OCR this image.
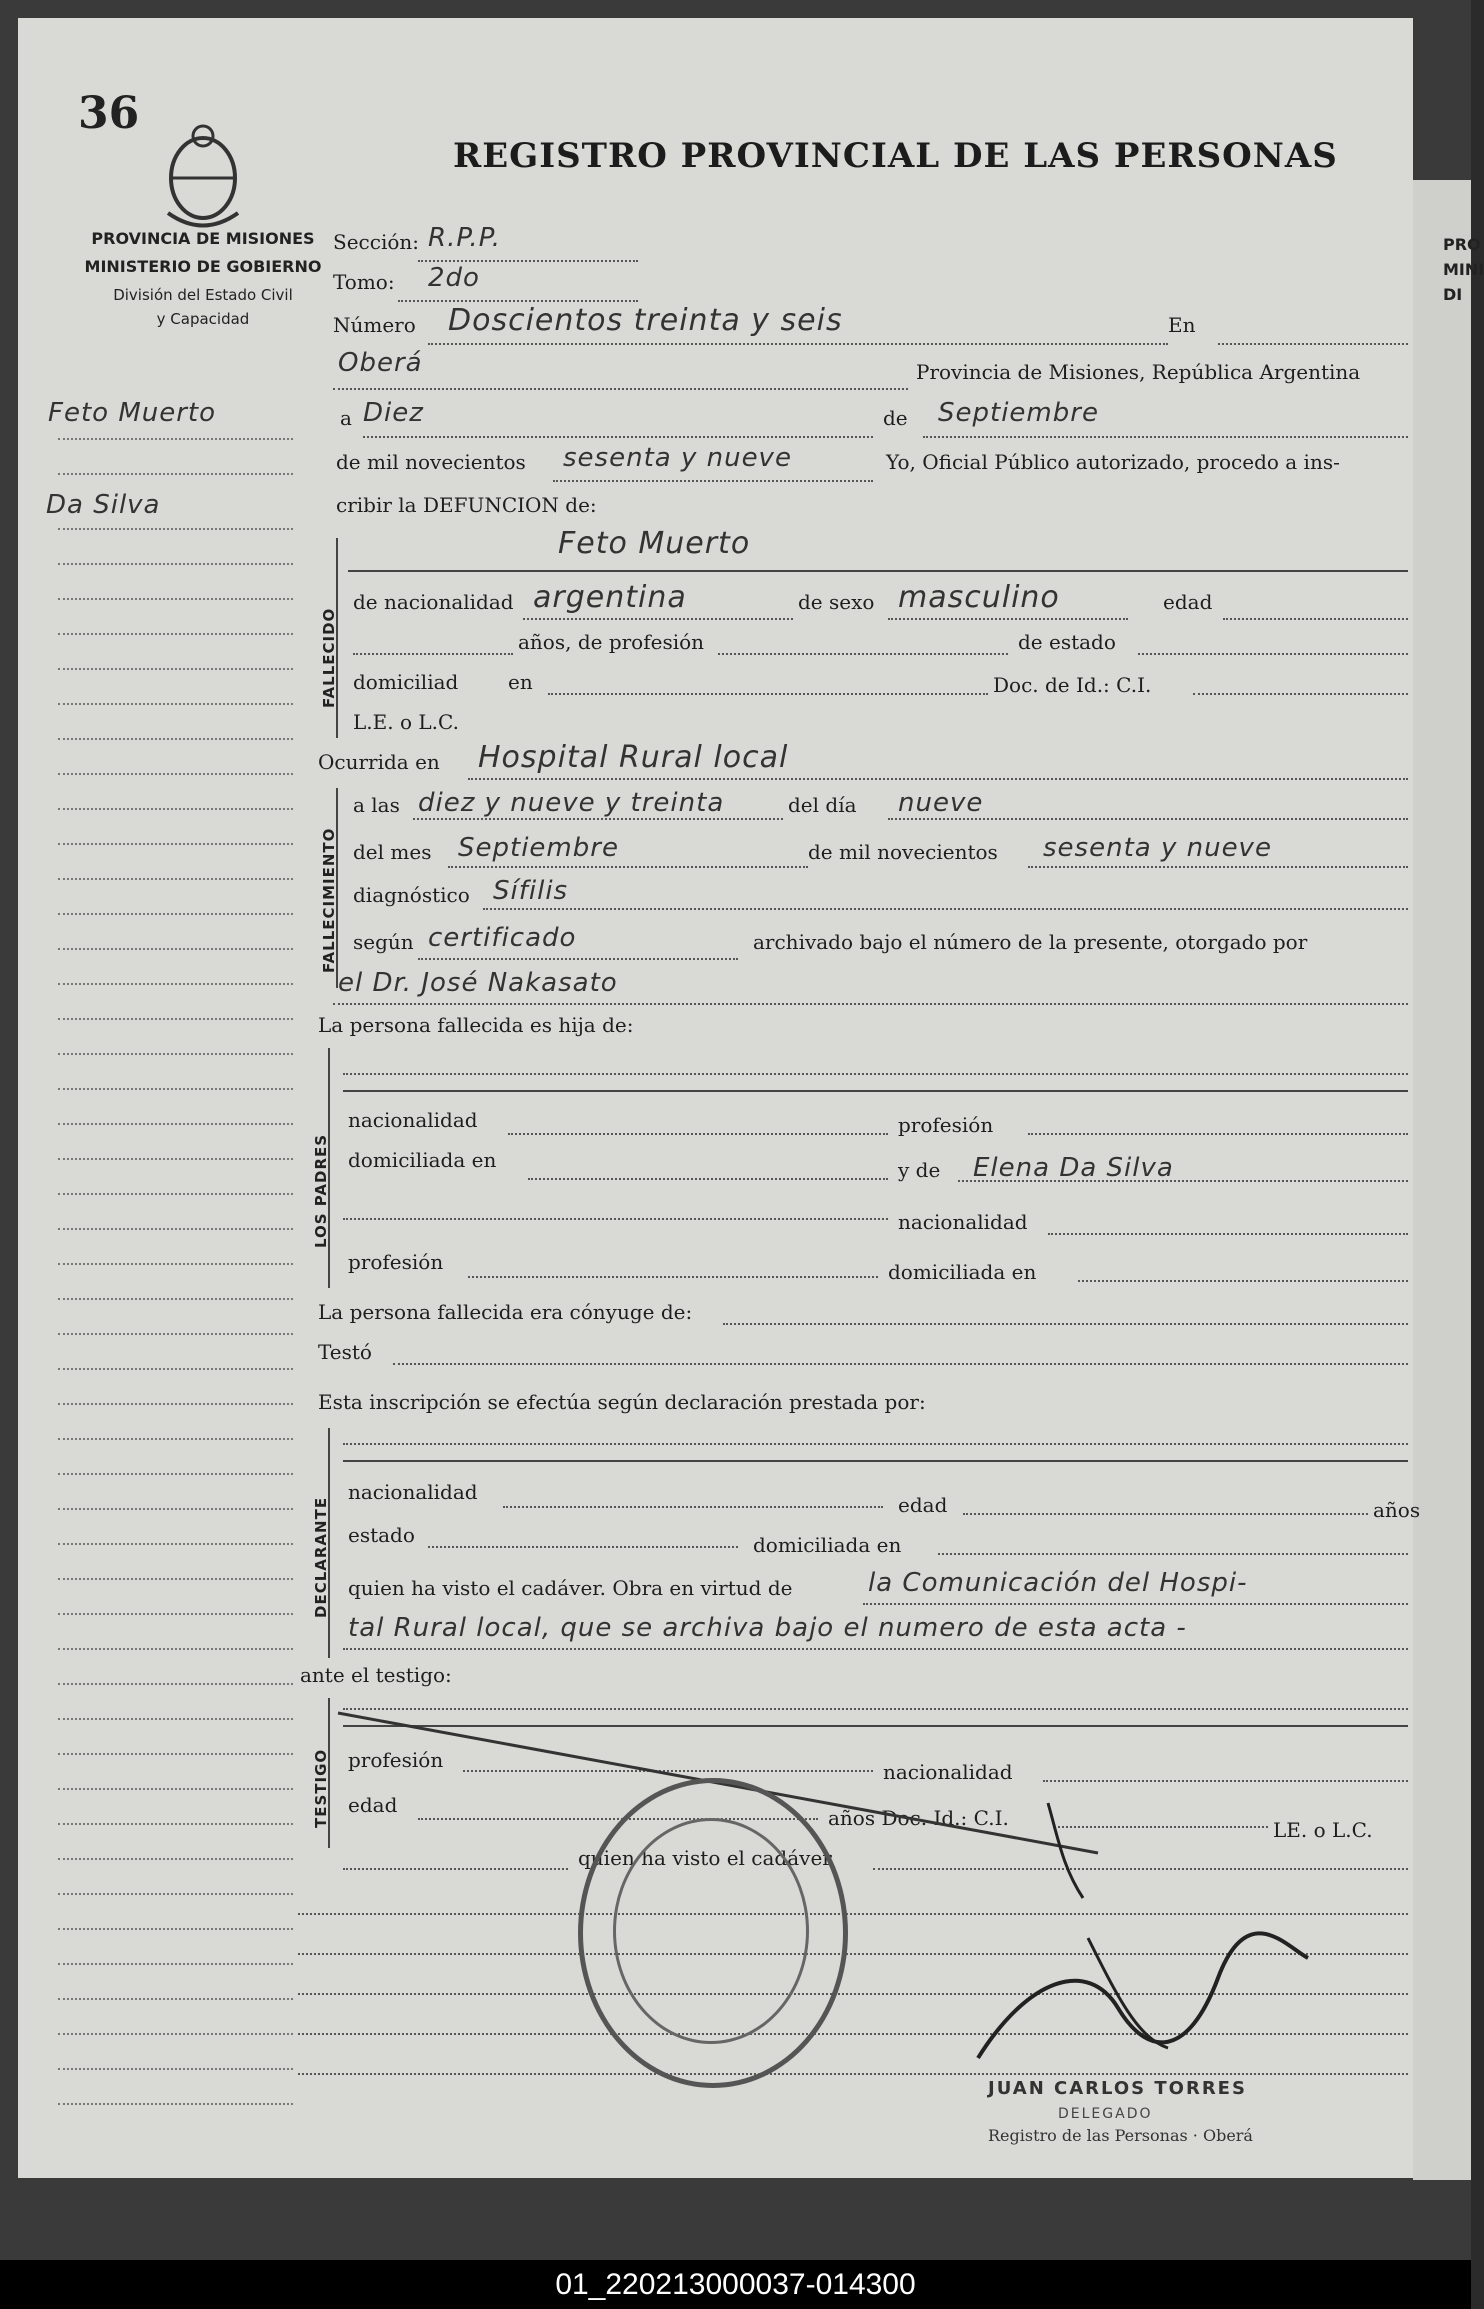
PRO
MINI
DI
36
REGISTRO PROVINCIAL DE LAS PERSONAS
PROVINCIA DE MISIONES
MINISTERIO DE GOBIERNO
División del Estado Civil
y Capacidad
Feto Muerto
Da Silva
Sección: R.P.P.
Tomo: 2do
Número Doscientos treinta y seis	En
Oberá	Provincia de Misiones, República Argentina
a Diez	de Septiembre
de mil novecientos sesenta y nueve	Yo, Oficial Público autorizado, procedo a ins-
cribir la DEFUNCION de:
FALLECIDO
Feto Muerto
de nacionalidad argentina	de sexo masculino	edad
años, de profesión	de estado
domiciliad en	Doc. de Id.: C.I.
L.E. o L.C.
Ocurrida en Hospital Rural local
FALLECIMIENTO
a las diez y nueve y treinta	del día nueve
del mes Septiembre	de mil novecientos sesenta y nueve
diagnóstico Sífilis
según certificado	archivado bajo el número de la presente, otorgado por
el Dr. José Nakasato
La persona fallecida es hija de:
LOS PADRES
nacionalidad	profesión
domiciliada en	y de Elena Da Silva
nacionalidad
profesión	domiciliada en
La persona fallecida era cónyuge de:
Testó
Esta inscripción se efectúa según declaración prestada por:
DECLARANTE
nacionalidad
edad	años
estado	domiciliada en
quien ha visto el cadáver. Obra en virtud de	la Comunicación del Hospi-
tal Rural local, que se archiva bajo el numero de esta acta -
ante el testigo:
TESTIGO profesión	nacionalidad
edad
años Doc. Id.: C.I.	LE. o L.C.
quien ha visto el cadáver
JUAN CARLOS TORRES
DELEGADO
Registro de las Personas · Oberá
01_220213000037-014300
